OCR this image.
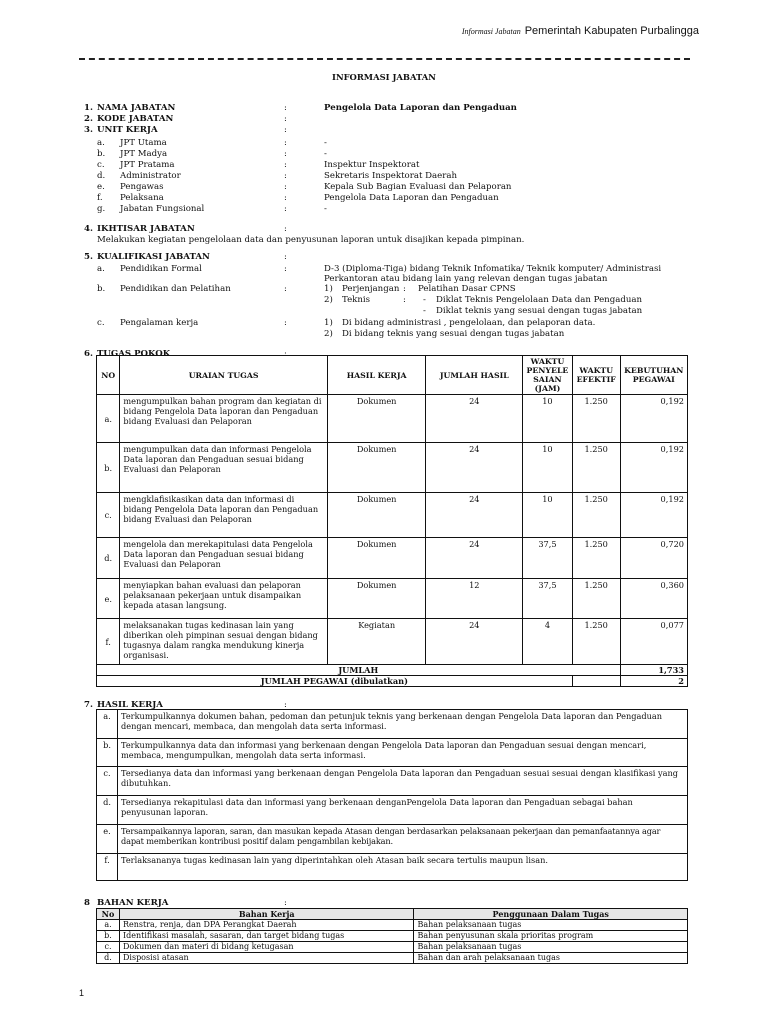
Informasi Jabatan Pemerintah Kabupaten Purbalingga
INFORMASI JABATAN
1. NAMA JABATAN	:	Pengelola Data Laporan dan Pengaduan
2. KODE JABATAN	:
3. UNIT KERJA	:
a. JPT Utama	:	-
b. JPT Madya	:	-
c. JPT Pratama	:	Inspektur Inspektorat
d. Administrator	:	Sekretaris Inspektorat Daerah
e. Pengawas	:	Kepala Sub Bagian Evaluasi dan Pelaporan
f. Pelaksana	:	Pengelola Data Laporan dan Pengaduan
g. Jabatan Fungsional	:	-
4. IKHTISAR JABATAN	:
Melakukan kegiatan pengelolaan data dan penyusunan laporan untuk disajikan kepada pimpinan.
5. KUALIFIKASI JABATAN	:
a. Pendidikan Formal	:	D-3 (Diploma-Tiga) bidang Teknik Infomatika/ Teknik komputer/ Administrasi
Perkantoran atau bidang lain yang relevan dengan tugas jabatan
b. Pendidikan dan Pelatihan	:	1) Perjenjangan : Pelatihan Dasar CPNS
2) Teknis	: - Diklat Teknis Pengelolaan Data dan Pengaduan
- Diklat teknis yang sesuai dengan tugas jabatan
c. Pengalaman kerja	:	1) Di bidang administrasi , pengelolaan, dan pelaporan data.
2) Di bidang teknis yang sesuai dengan tugas jabatan
6. TUGAS POKOK	:
NO	URAIAN TUGAS	HASIL KERJA	JUMLAH HASIL	WAKTU PENYELE SAIAN (JAM)	WAKTU EFEKTIF	KEBUTUHAN PEGAWAI
a.	mengumpulkan bahan program dan kegiatan di bidang Pengelola Data laporan dan Pengaduan bidang Evaluasi dan Pelaporan	Dokumen	24	10	1.250	0,192
b.	mengumpulkan data dan informasi Pengelola Data laporan dan Pengaduan sesuai bidang Evaluasi dan Pelaporan	Dokumen	24	10	1.250	0,192
c.	mengklafisikasikan data dan informasi di bidang Pengelola Data laporan dan Pengaduan bidang Evaluasi dan Pelaporan	Dokumen	24	10	1.250	0,192
d.	mengelola dan merekapitulasi data Pengelola Data laporan dan Pengaduan sesuai bidang Evaluasi dan Pelaporan	Dokumen	24	37,5	1.250	0,720
e.	menyiapkan bahan evaluasi dan pelaporan pelaksanaan pekerjaan untuk disampaikan kepada atasan langsung.	Dokumen	12	37,5	1.250	0,360
f.	melaksanakan tugas kedinasan lain yang diberikan oleh pimpinan sesuai dengan bidang tugasnya dalam rangka mendukung kinerja organisasi.	Kegiatan	24	4	1.250	0,077
JUMLAH						1,733
JUMLAH PEGAWAI (dibulatkan)						2
7. HASIL KERJA	:
a.	Terkumpulkannya dokumen bahan, pedoman dan petunjuk teknis yang berkenaan dengan Pengelola Data laporan dan Pengaduan dengan mencari, membaca, dan mengolah data serta informasi.
b.	Terkumpulkannya data dan informasi yang berkenaan dengan Pengelola Data laporan dan Pengaduan sesuai dengan mencari, membaca, mengumpulkan, mengolah data serta informasi.
c.	Tersedianya data dan informasi yang berkenaan dengan Pengelola Data laporan dan Pengaduan sesuai sesuai dengan klasifikasi yang dibutuhkan.
d.	Tersedianya rekapitulasi data dan informasi yang berkenaan denganPengelola Data laporan dan Pengaduan sebagai bahan penyusunan laporan.
e.	Tersampaikannya laporan, saran, dan masukan kepada Atasan dengan berdasarkan pelaksanaan pekerjaan dan pemanfaatannya agar dapat memberikan kontribusi positif dalam pengambilan kebijakan.
f.	Terlaksananya tugas kedinasan lain yang diperintahkan oleh Atasan baik secara tertulis maupun lisan.
8 BAHAN KERJA	:
No	Bahan Kerja	Penggunaan Dalam Tugas
a.	Renstra, renja, dan DPA Perangkat Daerah	Bahan pelaksanaan tugas
b.	Identifikasi masalah, sasaran, dan target bidang tugas	Bahan penyusunan skala prioritas program
c.	Dokumen dan materi di bidang ketugasan	Bahan pelaksanaan tugas
d.	Disposisi atasan	Bahan dan arah pelaksanaan tugas
1
